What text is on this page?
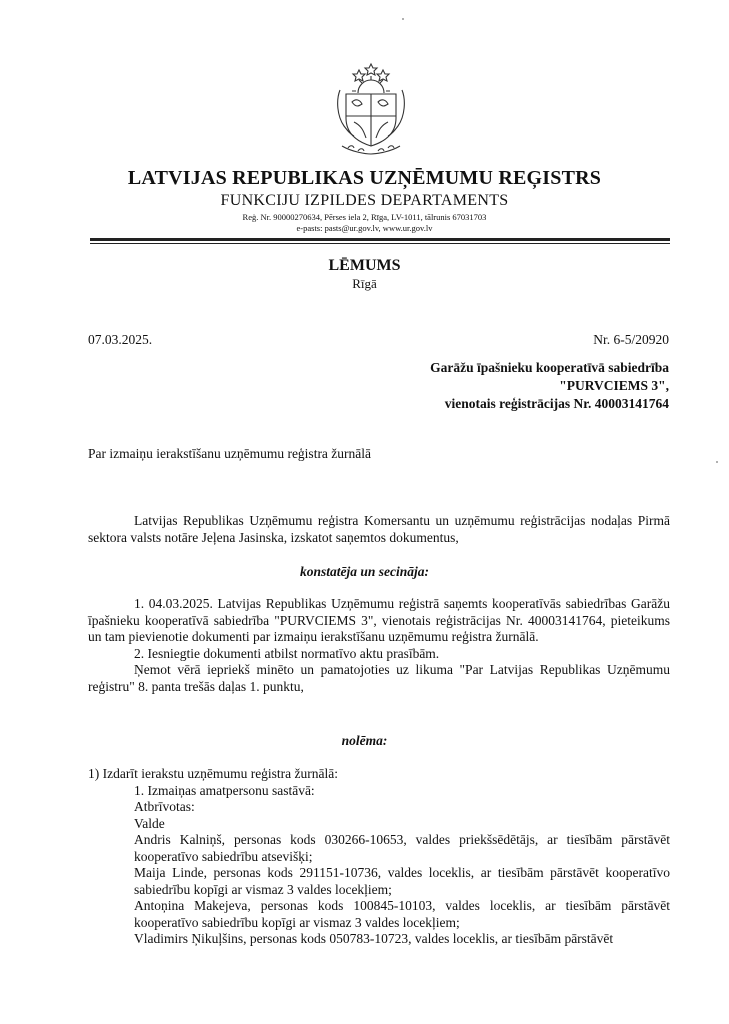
LATVIJAS REPUBLIKAS UZŅĒMUMU REĢISTRS
FUNKCIJU IZPILDES DEPARTAMENTS
Reģ. Nr. 90000270634, Pērses iela 2, Rīga, LV-1011, tālrunis 67031703
e-pasts: pasts@ur.gov.lv, www.ur.gov.lv
LĒMUMS
Rīgā
07.03.2025.	Nr. 6-5/20920
Garāžu īpašnieku kooperatīvā sabiedrība
"PURVCIEMS 3",
vienotais reģistrācijas Nr. 40003141764
Par izmaiņu ierakstīšanu uzņēmumu reģistra žurnālā
Latvijas Republikas Uzņēmumu reģistra Komersantu un uzņēmumu reģistrācijas nodaļas Pirmā sektora valsts notāre Jeļena Jasinska, izskatot saņemtos dokumentus,
konstatēja un secināja:
1. 04.03.2025. Latvijas Republikas Uzņēmumu reģistrā saņemts kooperatīvās sabiedrības Garāžu īpašnieku kooperatīvā sabiedrība "PURVCIEMS 3", vienotais reģistrācijas Nr. 40003141764, pieteikums un tam pievienotie dokumenti par izmaiņu ierakstīšanu uzņēmumu reģistra žurnālā.
2. Iesniegtie dokumenti atbilst normatīvo aktu prasībām.
Ņemot vērā iepriekš minēto un pamatojoties uz likuma "Par Latvijas Republikas Uzņēmumu reģistru" 8. panta trešās daļas 1. punktu,
nolēma:
1) Izdarīt ierakstu uzņēmumu reģistra žurnālā:
1. Izmaiņas amatpersonu sastāvā:
Atbrīvotas:
Valde
Andris Kalniņš, personas kods 030266-10653, valdes priekšsēdētājs, ar tiesībām pārstāvēt kooperatīvo sabiedrību atsevišķi;
Maija Linde, personas kods 291151-10736, valdes loceklis, ar tiesībām pārstāvēt kooperatīvo sabiedrību kopīgi ar vismaz 3 valdes locekļiem;
Antoņina Makejeva, personas kods 100845-10103, valdes loceklis, ar tiesībām pārstāvēt kooperatīvo sabiedrību kopīgi ar vismaz 3 valdes locekļiem;
Vladimirs Ņikuļšins, personas kods 050783-10723, valdes loceklis, ar tiesībām pārstāvēt
